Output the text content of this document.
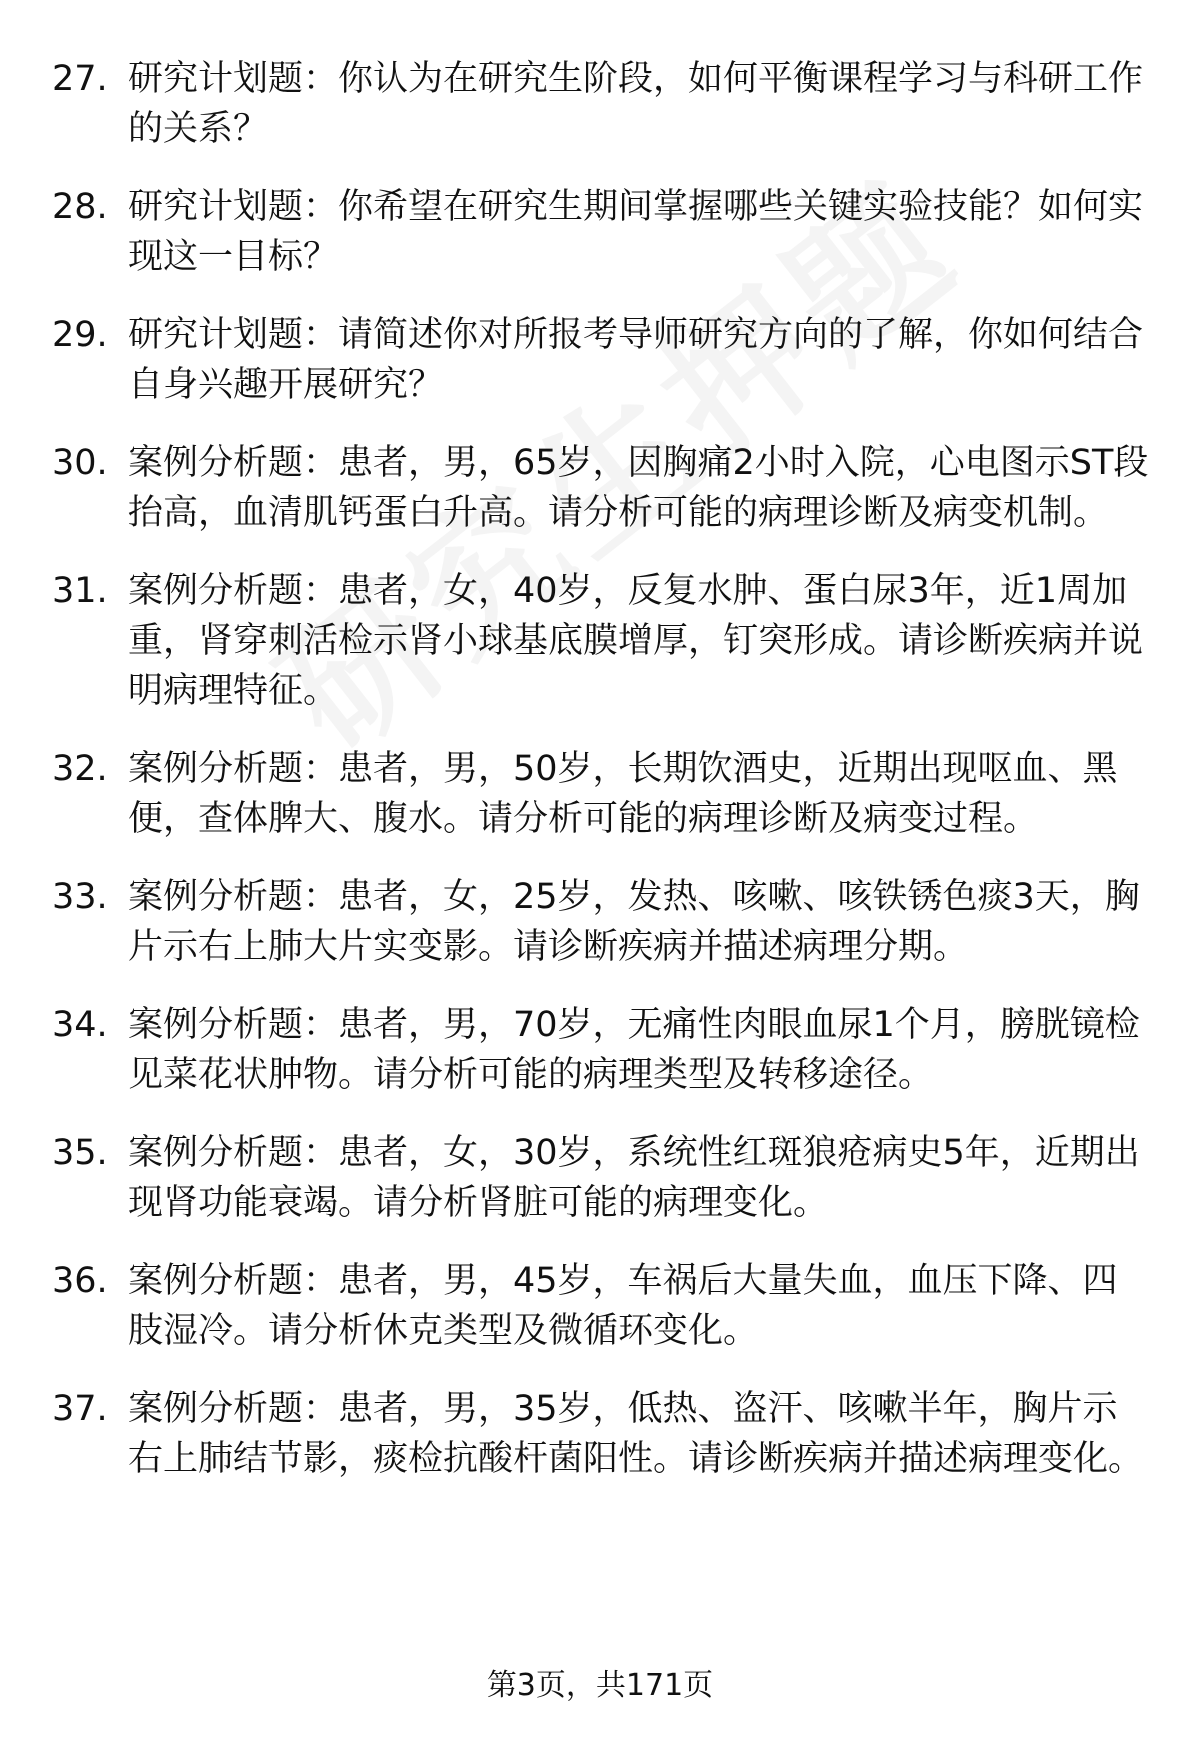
27. 研究计划题：你认为在研究生阶段，如何平衡课程学习与科研工作的关系？
28. 研究计划题：你希望在研究生期间掌握哪些关键实验技能？如何实现这一目标？
29. 研究计划题：请简述你对所报考导师研究方向的了解，你如何结合自身兴趣开展研究？
30. 案例分析题：患者，男，65岁，因胸痛2小时入院，心电图示ST段抬高，血清肌钙蛋白升高。请分析可能的病理诊断及病变机制。
31. 案例分析题：患者，女，40岁，反复水肿、蛋白尿3年，近1周加重，肾穿刺活检示肾小球基底膜增厚，钉突形成。请诊断疾病并说明病理特征。
32. 案例分析题：患者，男，50岁，长期饮酒史，近期出现呕血、黑便，查体脾大、腹水。请分析可能的病理诊断及病变过程。
33. 案例分析题：患者，女，25岁，发热、咳嗽、咳铁锈色痰3天，胸片示右上肺大片实变影。请诊断疾病并描述病理分期。
34. 案例分析题：患者，男，70岁，无痛性肉眼血尿1个月，膀胱镜检见菜花状肿物。请分析可能的病理类型及转移途径。
35. 案例分析题：患者，女，30岁，系统性红斑狼疮病史5年，近期出现肾功能衰竭。请分析肾脏可能的病理变化。
36. 案例分析题：患者，男，45岁，车祸后大量失血，血压下降、四肢湿冷。请分析休克类型及微循环变化。
37. 案例分析题：患者，男，35岁，低热、盗汗、咳嗽半年，胸片示右上肺结节影，痰检抗酸杆菌阳性。请诊断疾病并描述病理变化。
第3页，共171页
